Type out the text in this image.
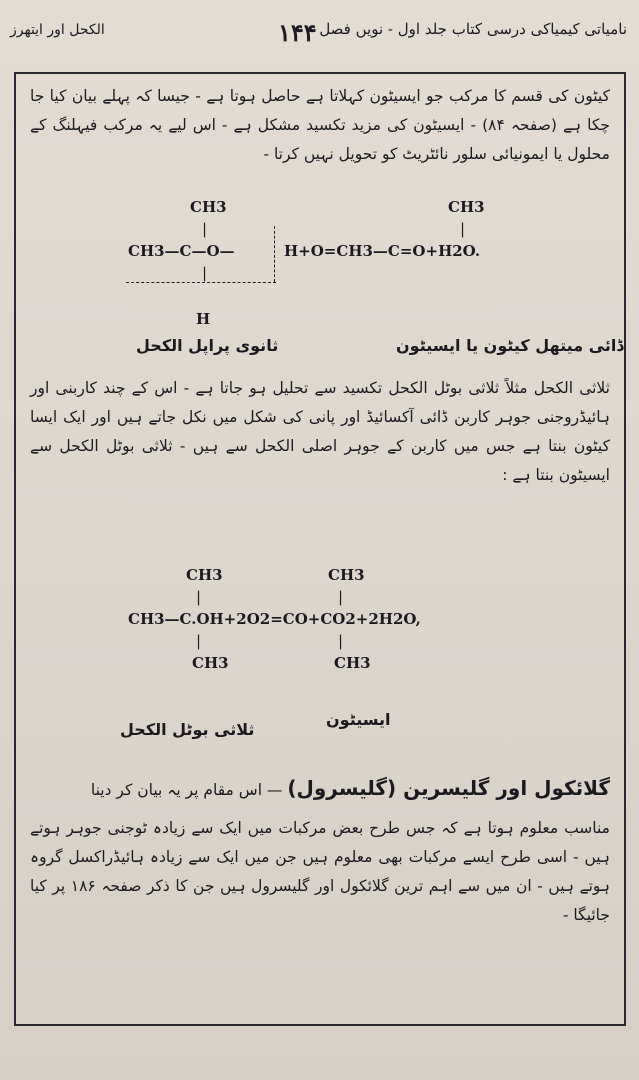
نامیاتی کیمیاکی درسی کتاب جلد اول - نویں فصل
۱۴۴
الکحل اور ایتھرز
کیٹون کی قسم کا مرکب جو ایسیٹون کہلاتا ہے حاصل ہوتا ہے - جیسا کہ پہلے بیان کیا جا چکا ہے (صفحہ ۸۴) - ایسیٹون کی مزید تکسید مشکل ہے - اس لیے یہ مرکب فیہلنگ کے محلول یا ایمونیائی سلور نائٹریٹ کو تحویل نہیں کرتا -
CH3
|
CH3—C—O—	H+O=CH3—C=O+H2O.
CH3
|
|
H
ثانوی پراپل الکحل	ڈائی میتھل کیٹون یا ایسیٹون
ثلاثی الکحل مثلاً ثلاثی بوٹل الکحل تکسید سے تحلیل ہو جاتا ہے - اس کے چند کاربنی اور ہائیڈروجنی جوہر کاربن ڈائی آکسائیڈ اور پانی کی شکل میں نکل جاتے ہیں اور ایک ایسا کیٹون بنتا ہے جس میں کاربن کے جوہر اصلی الکحل سے ہیں - ثلاثی بوٹل الکحل سے ایسیٹون بنتا ہے :
CH3
|
CH3
|
CH3—C.OH+2O2=CO+CO2+2H2O,
|	|
CH3	CH3
ثلاثی بوٹل الکحل
ایسیٹون
گلائکول اور گلیسرین (گلیسرول) — اس مقام پر یہ بیان کر دینا
مناسب معلوم ہوتا ہے کہ جس طرح بعض مرکبات میں ایک سے زیادہ ٹوجنی جوہر ہوتے ہیں - اسی طرح ایسے مرکبات بھی معلوم ہیں جن میں ایک سے زیادہ ہائیڈراکسل گروہ ہوتے ہیں - ان میں سے اہم ترین گلائکول اور گلیسرول ہیں جن کا ذکر صفحہ ۱۸۶ پر کیا جائیگا -
